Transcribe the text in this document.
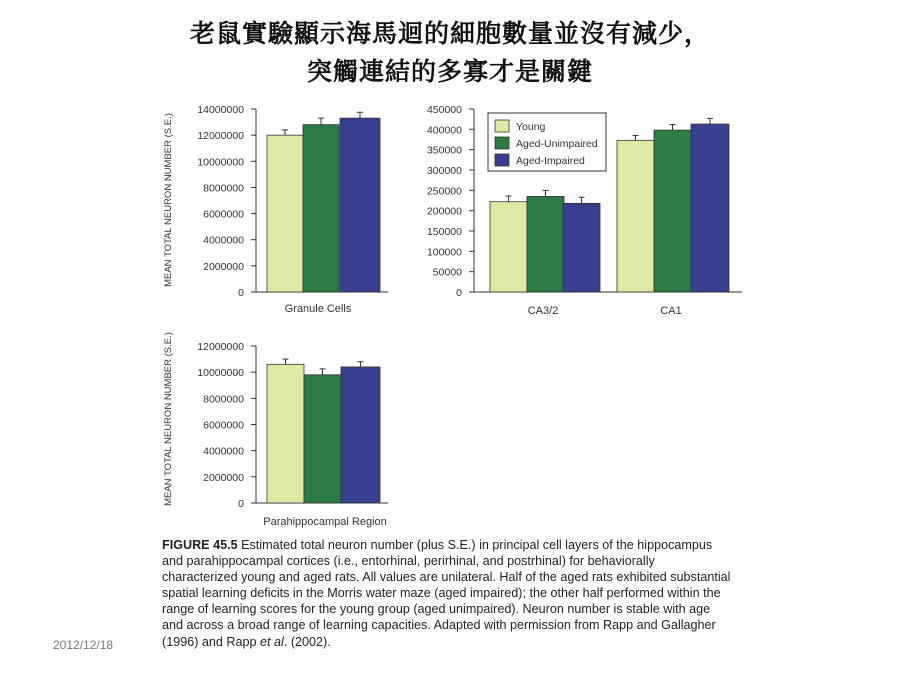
老鼠實驗顯示海馬迴的細胞數量並沒有減少，
突觸連結的多寡才是關鍵
0
2000000
4000000
6000000
8000000
10000000
12000000
14000000
MEAN TOTAL NEURON NUMBER (S.E.)
Granule Cells
0
50000
100000
150000
200000
250000
300000
350000
400000
450000
CA3/2	CA1
Young
Aged-Unimpaired
Aged-Impaired
0
2000000
4000000
6000000
8000000
10000000
12000000
MEAN TOTAL NEURON NUMBER (S.E.)
Parahippocampal Region
FIGURE 45.5 Estimated total neuron number (plus S.E.) in principal cell layers of the hippocampus and parahippocampal cortices (i.e., entorhinal, perirhinal, and postrhinal) for behaviorally characterized young and aged rats. All values are unilateral. Half of the aged rats exhibited substantial spatial learning deficits in the Morris water maze (aged impaired); the other half performed within the range of learning scores for the young group (aged unimpaired). Neuron number is stable with age and across a broad range of learning capacities. Adapted with permission from Rapp and Gallagher (1996) and Rapp et al. (2002).
2012/12/18
